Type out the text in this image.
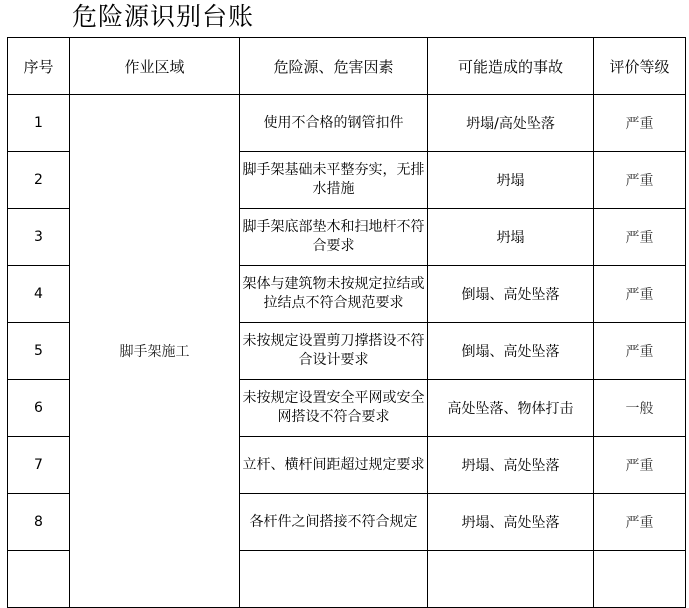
危险源识别台账
序号	作业区域	危险源、危害因素	可能造成的事故	评价等级
1	脚手架施工	使用不合格的钢管扣件	坍塌/高处坠落	严重
2		脚手架基础未平整夯实，无排水措施	坍塌	严重
3		脚手架底部垫木和扫地杆不符合要求	坍塌	严重
4		架体与建筑物未按规定拉结或拉结点不符合规范要求	倒塌、高处坠落	严重
5		未按规定设置剪刀撑搭设不符合设计要求	倒塌、高处坠落	严重
6		未按规定设置安全平网或安全网搭设不符合要求	高处坠落、物体打击	一般
7		立杆、横杆间距超过规定要求	坍塌、高处坠落	严重
8		各杆件之间搭接不符合规定	坍塌、高处坠落	严重
